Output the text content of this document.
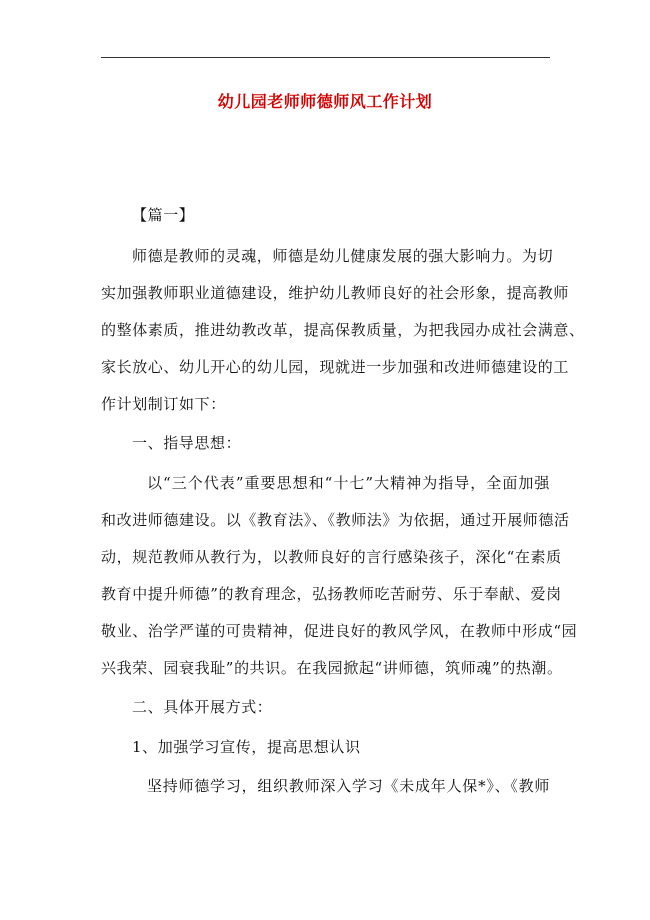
幼儿园老师师德师风工作计划
【篇一】
师德是教师的灵魂，师德是幼儿健康发展的强大影响力。为切
实加强教师职业道德建设，维护幼儿教师良好的社会形象，提高教师
的整体素质，推进幼教改革，提高保教质量，为把我园办成社会满意、
家长放心、幼儿开心的幼儿园，现就进一步加强和改进师德建设的工
作计划制订如下：
一、指导思想：
以“三个代表”重要思想和“十七”大精神为指导，全面加强
和改进师德建设。以《教育法》、《教师法》为依据，通过开展师德活
动，规范教师从教行为，以教师良好的言行感染孩子，深化“在素质
教育中提升师德”的教育理念，弘扬教师吃苦耐劳、乐于奉献、爱岗
敬业、治学严谨的可贵精神，促进良好的教风学风，在教师中形成“园
兴我荣、园衰我耻”的共识。在我园掀起“讲师德，筑师魂”的热潮。
二、具体开展方式：
1、加强学习宣传，提高思想认识
坚持师德学习，组织教师深入学习《未成年人保*》、《教师
